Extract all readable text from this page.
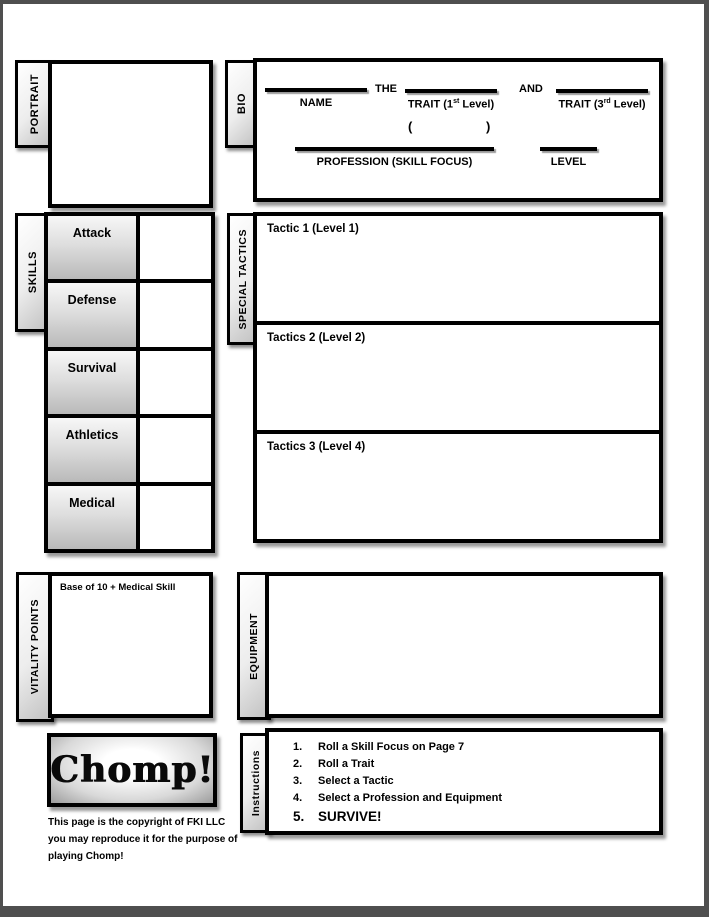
PORTRAIT	BIO	NAME
THE
TRAIT (1st Level)
AND
TRAIT (3rd Level)
(	)
PROFESSION (SKILL FOCUS)	LEVEL
SKILLS
Attack
Defense
Survival
Athletics
Medical
SPECIAL TACTICS	Tactic 1 (Level 1)
Tactics 2 (Level 2)
Tactics 3 (Level 4)
VITALITY POINTS
Base of 10 + Medical Skill
EQUIPMENT
Chomp!
This page is the copyright of FKI LLC you may reproduce it for the purpose of playing Chomp!
Instructions
1.	Roll a Skill Focus on Page 7
2.	Roll a Trait
3.	Select a Tactic
4.	Select a Profession and Equipment
5.	SURVIVE!
